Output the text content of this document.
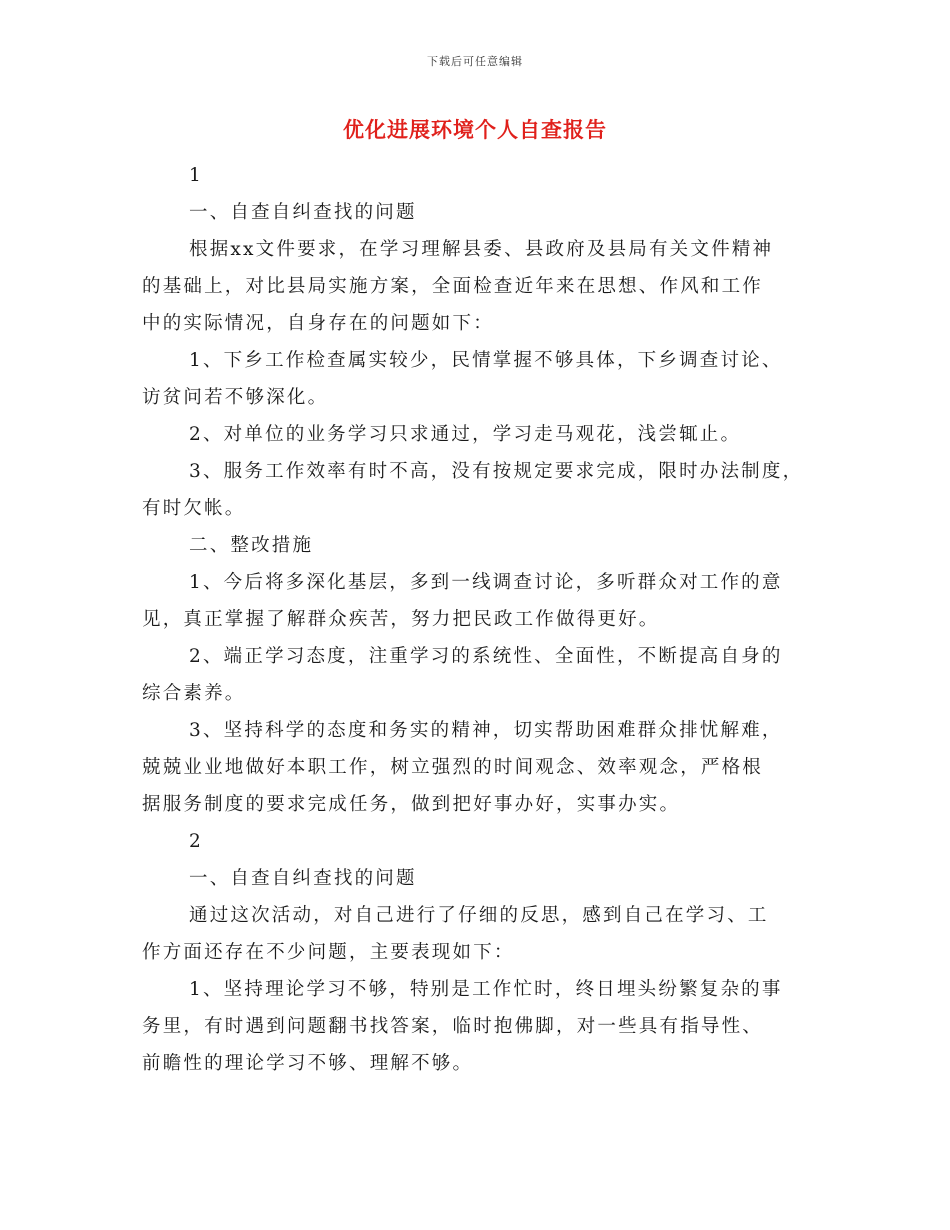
下载后可任意编辑
优化进展环境个人自查报告
1
一、自查自纠查找的问题
根据xx文件要求，在学习理解县委、县政府及县局有关文件精神
的基础上，对比县局实施方案，全面检查近年来在思想、作风和工作
中的实际情况，自身存在的问题如下：
1、下乡工作检查属实较少，民情掌握不够具体，下乡调查讨论、
访贫问若不够深化。
2、对单位的业务学习只求通过，学习走马观花，浅尝辄止。
3、服务工作效率有时不高，没有按规定要求完成，限时办法制度，
有时欠帐。
二、整改措施
1、今后将多深化基层，多到一线调查讨论，多听群众对工作的意
见，真正掌握了解群众疾苦，努力把民政工作做得更好。
2、端正学习态度，注重学习的系统性、全面性，不断提高自身的
综合素养。
3、坚持科学的态度和务实的精神，切实帮助困难群众排忧解难，
兢兢业业地做好本职工作，树立强烈的时间观念、效率观念，严格根
据服务制度的要求完成任务，做到把好事办好，实事办实。
2
一、自查自纠查找的问题
通过这次活动，对自己进行了仔细的反思，感到自己在学习、工
作方面还存在不少问题，主要表现如下：
1、坚持理论学习不够，特别是工作忙时，终日埋头纷繁复杂的事
务里，有时遇到问题翻书找答案，临时抱佛脚，对一些具有指导性、
前瞻性的理论学习不够、理解不够。
